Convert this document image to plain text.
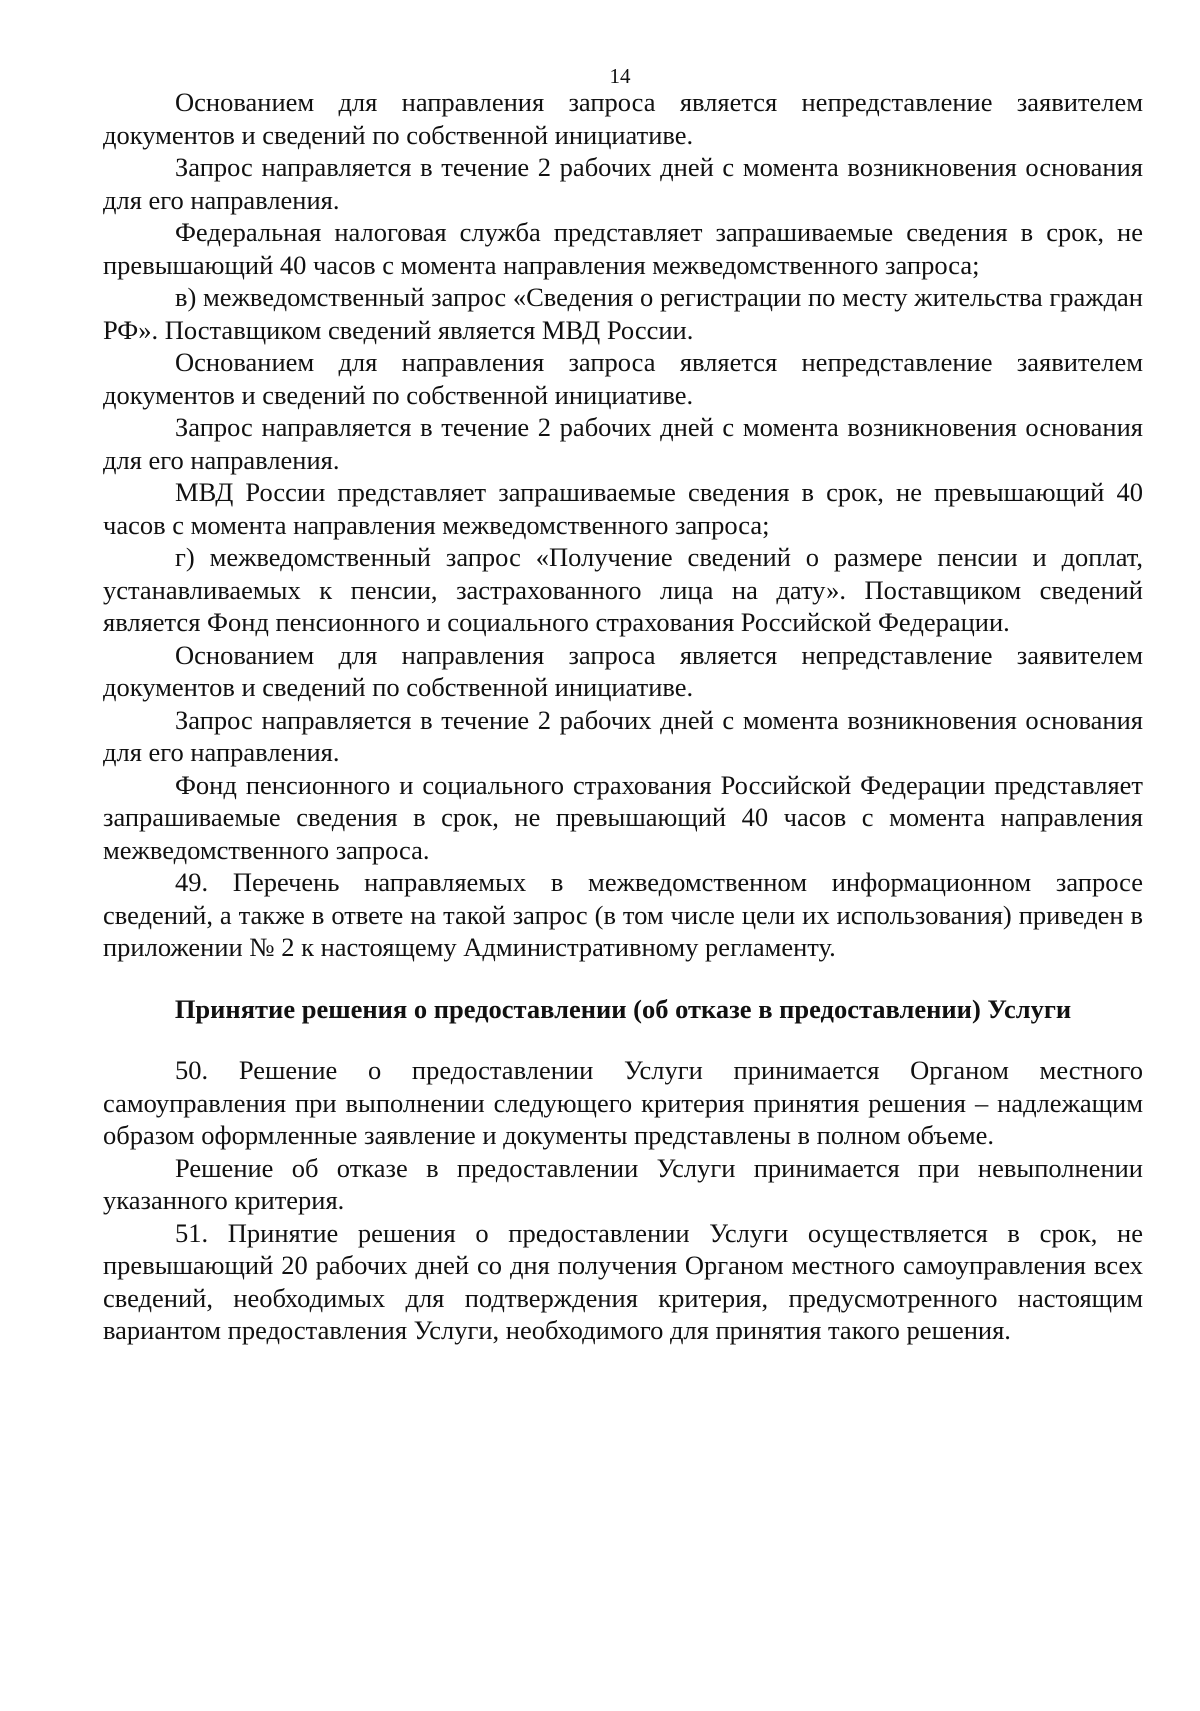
14

Основанием для направления запроса является непредставление заявителем документов и сведений по собственной инициативе.

Запрос направляется в течение 2 рабочих дней с момента возникновения основания для его направления.

Федеральная налоговая служба представляет запрашиваемые сведения в срок, не превышающий 40 часов с момента направления межведомственного запроса;

в) межведомственный запрос «Сведения о регистрации по месту жительства граждан РФ». Поставщиком сведений является МВД России.

Основанием для направления запроса является непредставление заявителем документов и сведений по собственной инициативе.

Запрос направляется в течение 2 рабочих дней с момента возникновения основания для его направления.

МВД России представляет запрашиваемые сведения в срок, не превышающий 40 часов с момента направления межведомственного запроса;

г) межведомственный запрос «Получение сведений о размере пенсии и доплат, устанавливаемых к пенсии, застрахованного лица на дату». Поставщиком сведений является Фонд пенсионного и социального страхования Российской Федерации.

Основанием для направления запроса является непредставление заявителем документов и сведений по собственной инициативе.

Запрос направляется в течение 2 рабочих дней с момента возникновения основания для его направления.

Фонд пенсионного и социального страхования Российской Федерации представляет запрашиваемые сведения в срок, не превышающий 40 часов с момента направления межведомственного запроса.

49. Перечень направляемых в межведомственном информационном запросе сведений, а также в ответе на такой запрос (в том числе цели их использования) приведен в приложении № 2 к настоящему Административному регламенту.

Принятие решения о предоставлении (об отказе в предоставлении) Услуги

50. Решение о предоставлении Услуги принимается Органом местного самоуправления при выполнении следующего критерия принятия решения – надлежащим образом оформленные заявление и документы представлены в полном объеме.

Решение об отказе в предоставлении Услуги принимается при невыполнении указанного критерия.

51. Принятие решения о предоставлении Услуги осуществляется в срок, не превышающий 20 рабочих дней со дня получения Органом местного самоуправления всех сведений, необходимых для подтверждения критерия, предусмотренного настоящим вариантом предоставления Услуги, необходимого для принятия такого решения.
